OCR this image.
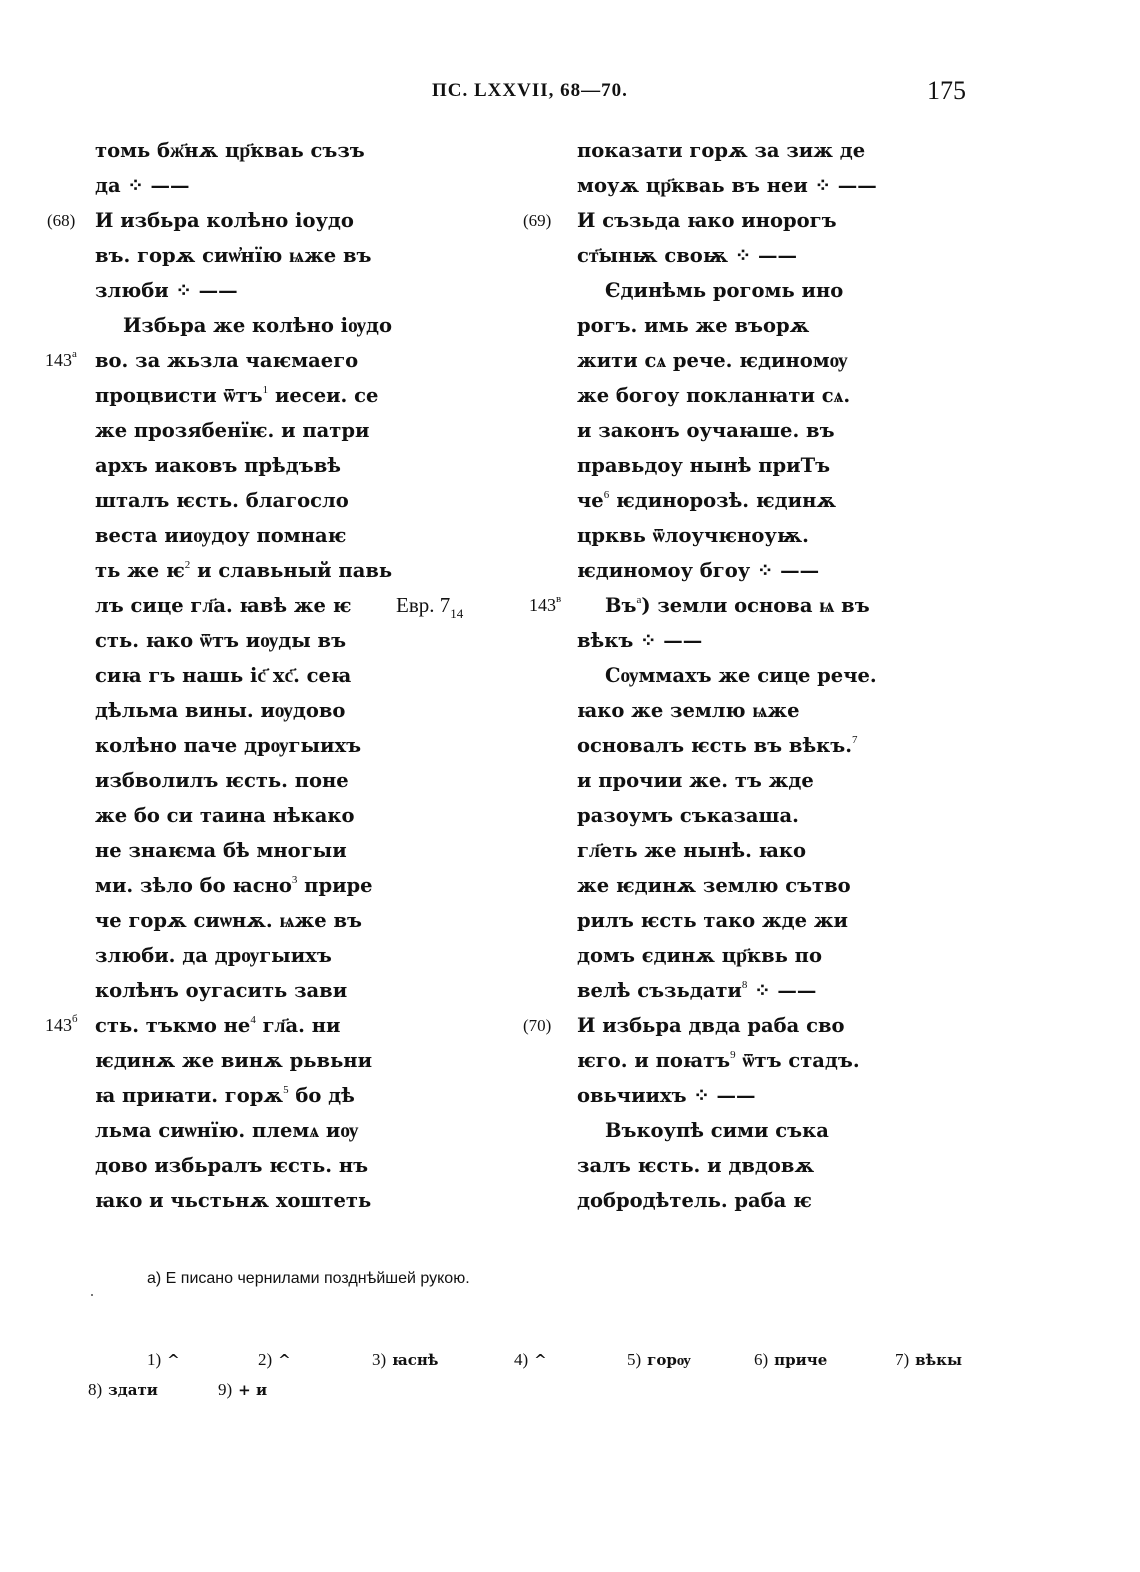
ПС. LXXVII, 68—70.	175
томь бж҃нѫ цр҃кваь съзъ
да ⁘ ——
(68) И избьра колѣно іоудо
въ. горѫ сиѡ҆нїю ѩже въ
злюби ⁘ ——
Избьра же колѣно іѹдо
$143^а$ во. за жьзла чаѥмаего
процвисти ѿтъ$^1$ иесеи. се
же прозябенїѥ. и патри
архъ иаковъ прѣдъвѣ
шталъ ѥсть. благосло
веста ииѹдоу помнаѥ
ть же $ѥ^2$ и славьный павь
лъ сице гл҃а. ꙗвѣ же ѥ
сть. ꙗко ѿтъ иѹды въ
сиꙗ гъ нашь іс҃ хс҃. сеꙗ
дѣльма вины. иѹдово
колѣно паче дрѹгыихъ
избволилъ ѥсть. поне
же бо си таина нѣкако
не знаѥма бѣ многыи
ми. зѣло бо ꙗсно$^3$ прире
че горѫ сиѡнѫ. ѩже въ
злюби. да дрѹгыихъ
колѣнъ оугасить зави
$143^б$ сть. тъкмо $не^4$ гл҃а. ни
ѥдинѫ же винѫ рьвьни
ꙗ приꙗти. горѫ$^5$ бо дѣ
льма сиѡнїю. племѧ иѹ
дово избьралъ ѥсть. нъ
ꙗко и чьстьнѫ хоштеть
Евр. $7_{14}$
показати горѫ за зиж де
моуѫ цр҃кваь въ неи ⁘ ——
(69) И съзьда ꙗко инорогъ
ст҃ынѭ своѭ ⁘ ——
Єдинѣмь рогомь ино
рогъ. имь же въорѫ
жити сѧ рече. ѥдиномѹ
же богоу покланꙗти сѧ.
и законъ оучаꙗше. въ
правьдоу нынѣ приТъ
$че^6$ ѥдинорозѣ. ѥдинѫ
црквь ѿлоучѥноуѭ.
ѥдиномоу бгоу ⁘ ——
$143^в$ $Въ^а$) земли основа ѩ въ
вѣкъ ⁘ ——
Сѹммахъ же сице рече.
ꙗко же землю ѩже
основалъ ѥсть въ вѣкъ.$^7$
и прочии же. тъ жде
разоумъ съказаша.
гл҃еть же нынѣ. ꙗко
же ѥдинѫ землю сътво
рилъ ѥсть тако жде жи
домъ єдинѫ цр҃квь по
велѣ съзьдати$^8$ ⁘ ——
(70) И избьра двда раба сво
ѥго. и поꙗтъ$^9$ ѿтъ стадъ.
овьчиихъ ⁘ ——
Въкоупѣ сими съка
залъ ѥсть. и двдовѫ
добродѣтель. раба ѥ
а) Е писано чернилами позднѣйшей рукою.
1) ^	2) ^	3) ꙗснѣ	4) ^	5) горѹ	6) приче	7) вѣкы
8) здати	9) + и
